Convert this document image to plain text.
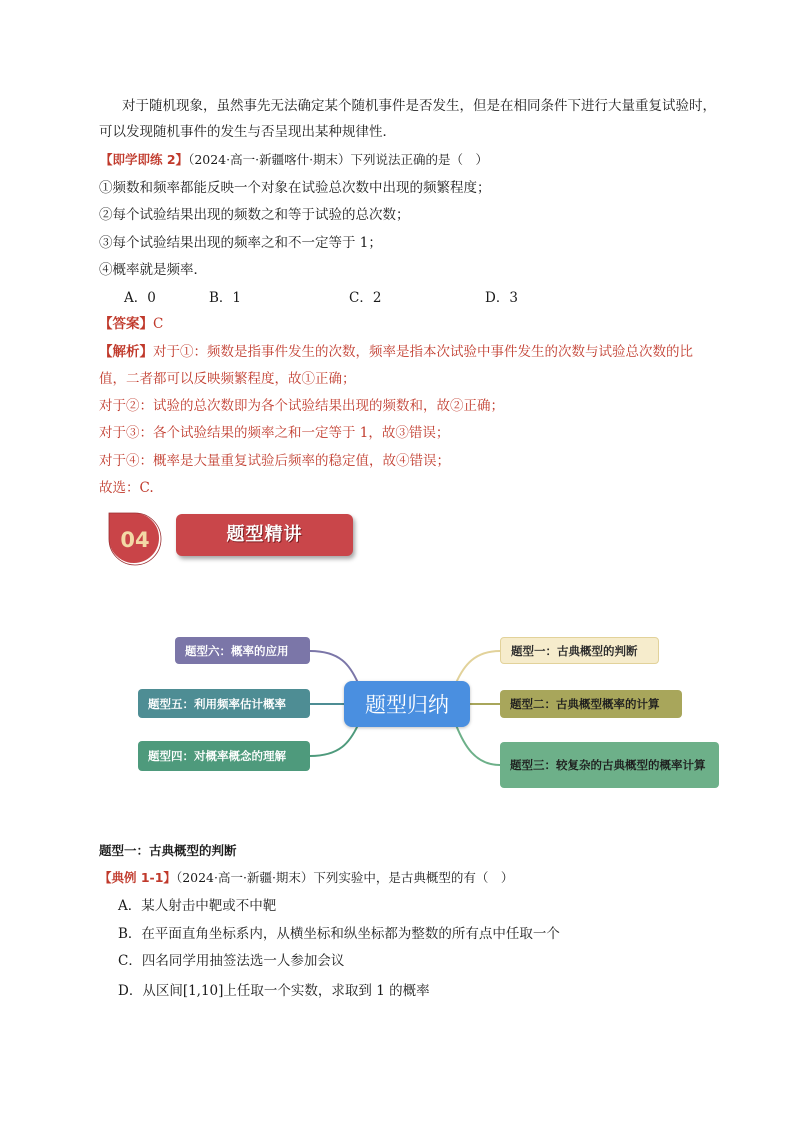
对于随机现象，虽然事先无法确定某个随机事件是否发生，但是在相同条件下进行大量重复试验时，
可以发现随机事件的发生与否呈现出某种规律性．
【即学即练 2】（2024·高一·新疆喀什·期末）下列说法正确的是（　）
①频数和频率都能反映一个对象在试验总次数中出现的频繁程度；
②每个试验结果出现的频数之和等于试验的总次数；
③每个试验结果出现的频率之和不一定等于 1；
④概率就是频率．
A．0	B．1	C．2	D．3
【答案】C
【解析】对于①：频数是指事件发生的次数，频率是指本次试验中事件发生的次数与试验总次数的比
值，二者都可以反映频繁程度，故①正确；
对于②：试验的总次数即为各个试验结果出现的频数和，故②正确；
对于③：各个试验结果的频率之和一定等于 1，故③错误；
对于④：概率是大量重复试验后频率的稳定值，故④错误；
故选：C.
04	题型精讲
题型归纳
题型六：概率的应用
题型五：利用频率估计概率
题型四：对概率概念的理解
题型一：古典概型的判断
题型二：古典概型概率的计算
题型三：较复杂的古典概型的概率计算
题型一：古典概型的判断
【典例 1-1】（2024·高一·新疆·期末）下列实验中，是古典概型的有（　）
A．某人射击中靶或不中靶
B．在平面直角坐标系内，从横坐标和纵坐标都为整数的所有点中任取一个
C．四名同学用抽签法选一人参加会议
D．从区间[1,10]上任取一个实数，求取到 1 的概率
